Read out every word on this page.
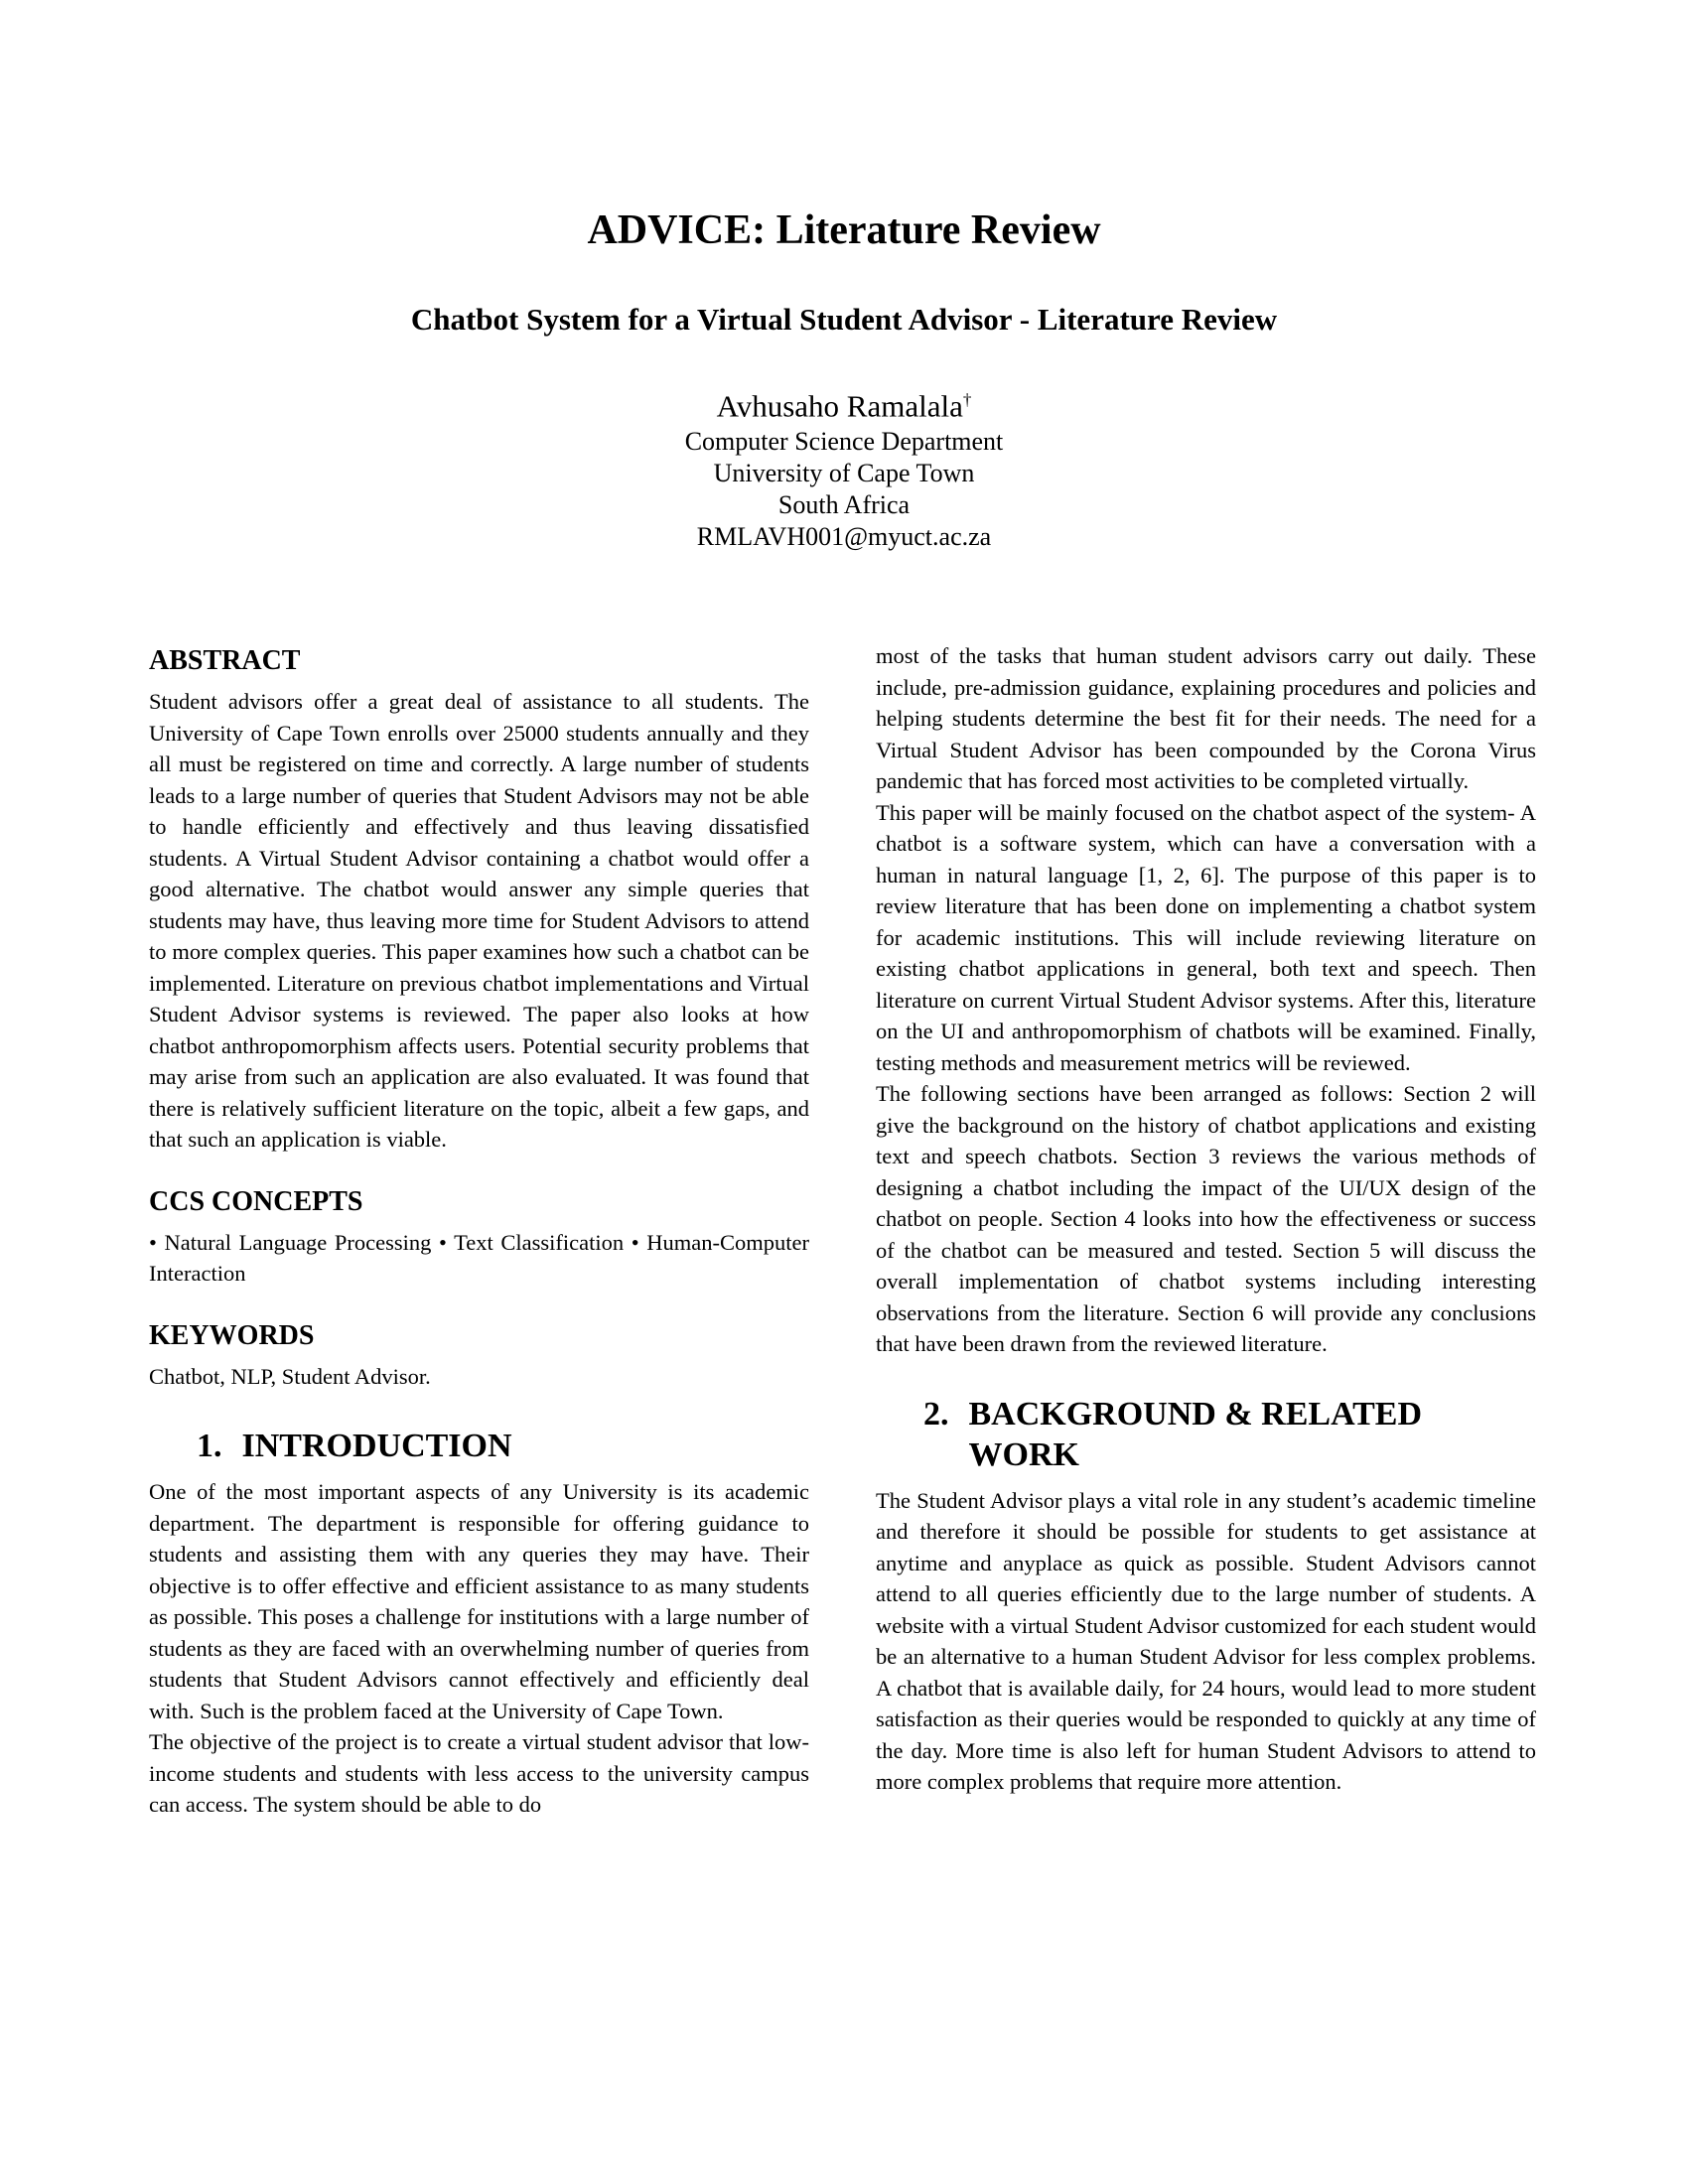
ADVICE: Literature Review
Chatbot System for a Virtual Student Advisor - Literature Review
Avhusaho Ramalala†
Computer Science Department
University of Cape Town
South Africa
RMLAVH001@myuct.ac.za
ABSTRACT

Student advisors offer a great deal of assistance to all students. The University of Cape Town enrolls over 25000 students annually and they all must be registered on time and correctly. A large number of students leads to a large number of queries that Student Advisors may not be able to handle efficiently and effectively and thus leaving dissatisfied students. A Virtual Student Advisor containing a chatbot would offer a good alternative. The chatbot would answer any simple queries that students may have, thus leaving more time for Student Advisors to attend to more complex queries. This paper examines how such a chatbot can be implemented. Literature on previous chatbot implementations and Virtual Student Advisor systems is reviewed. The paper also looks at how chatbot anthropomorphism affects users. Potential security problems that may arise from such an application are also evaluated. It was found that there is relatively sufficient literature on the topic, albeit a few gaps, and that such an application is viable.

CCS CONCEPTS

• Natural Language Processing • Text Classification • Human-Computer Interaction

KEYWORDS

Chatbot, NLP, Student Advisor.

1. INTRODUCTION

One of the most important aspects of any University is its academic department. The department is responsible for offering guidance to students and assisting them with any queries they may have. Their objective is to offer effective and efficient assistance to as many students as possible. This poses a challenge for institutions with a large number of students as they are faced with an overwhelming number of queries from students that Student Advisors cannot effectively and efficiently deal with. Such is the problem faced at the University of Cape Town.

The objective of the project is to create a virtual student advisor that low-income students and students with less access to the university campus can access. The system should be able to do

most of the tasks that human student advisors carry out daily. These include, pre-admission guidance, explaining procedures and policies and helping students determine the best fit for their needs. The need for a Virtual Student Advisor has been compounded by the Corona Virus pandemic that has forced most activities to be completed virtually.

This paper will be mainly focused on the chatbot aspect of the system- A chatbot is a software system, which can have a conversation with a human in natural language [1, 2, 6]. The purpose of this paper is to review literature that has been done on implementing a chatbot system for academic institutions. This will include reviewing literature on existing chatbot applications in general, both text and speech. Then literature on current Virtual Student Advisor systems. After this, literature on the UI and anthropomorphism of chatbots will be examined. Finally, testing methods and measurement metrics will be reviewed.

The following sections have been arranged as follows: Section 2 will give the background on the history of chatbot applications and existing text and speech chatbots. Section 3 reviews the various methods of designing a chatbot including the impact of the UI/UX design of the chatbot on people. Section 4 looks into how the effectiveness or success of the chatbot can be measured and tested. Section 5 will discuss the overall implementation of chatbot systems including interesting observations from the literature. Section 6 will provide any conclusions that have been drawn from the reviewed literature.

2. BACKGROUND & RELATED WORK

The Student Advisor plays a vital role in any student’s academic timeline and therefore it should be possible for students to get assistance at anytime and anyplace as quick as possible. Student Advisors cannot attend to all queries efficiently due to the large number of students. A website with a virtual Student Advisor customized for each student would be an alternative to a human Student Advisor for less complex problems. A chatbot that is available daily, for 24 hours, would lead to more student satisfaction as their queries would be responded to quickly at any time of the day. More time is also left for human Student Advisors to attend to more complex problems that require more attention.
